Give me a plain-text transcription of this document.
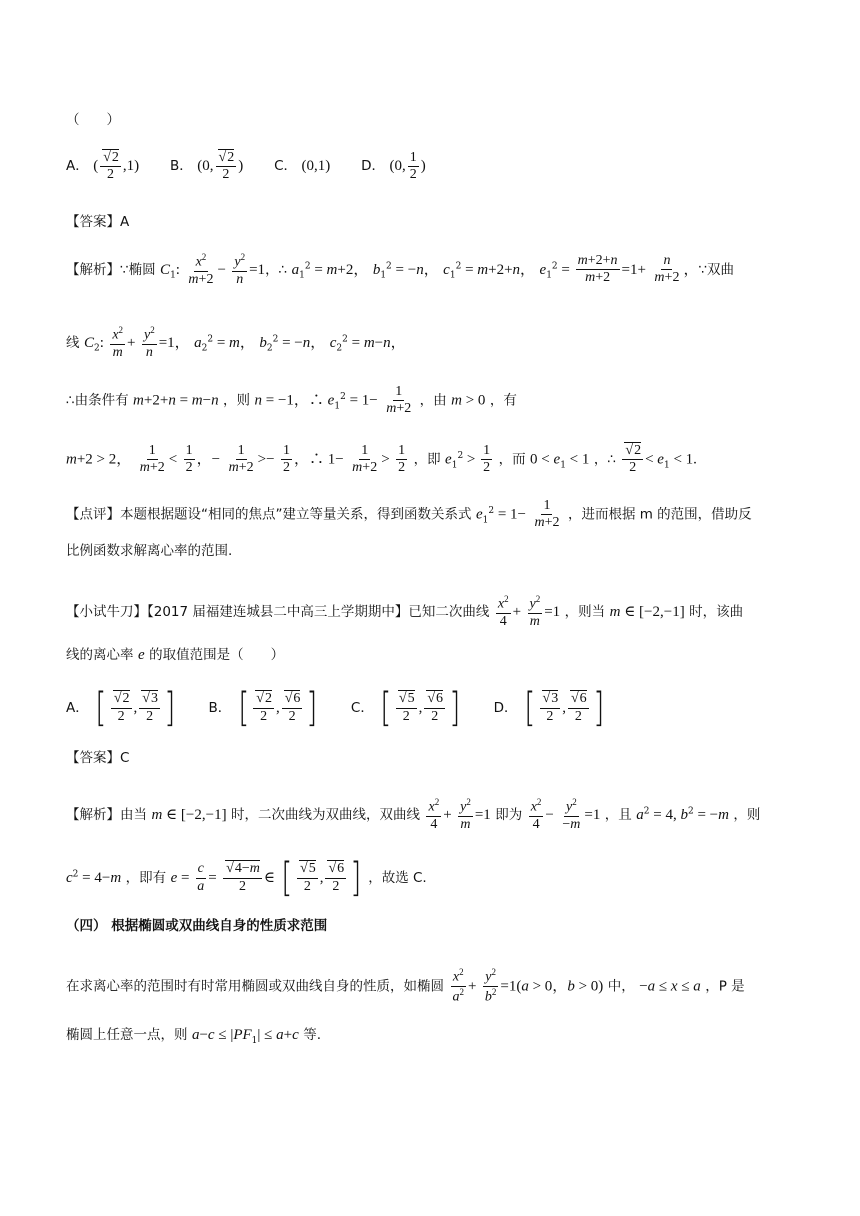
（　　）
A． ( √ $\frac{2}{2} ,1$) B． (0, √ $\frac{2}{2}$ ) C． (0,1) D． (0, $\frac{1}{2}$ )
【答案】A
【解析】∵椭圆 $C_1$: $\frac{x^2}{m+2} - \frac{y^2}{n} =1$，∴ $a_1^2 = m+2$， $b_1^2 = -n$， $c_1^2 = m+2+n$， $e_1^2 = \frac{m+2+n}{m+2} =1+ \frac{n}{m+2}$ ，∵双曲
线 $C_2$: $\frac{x^2}{m} + \frac{y^2}{n} =1$， $a_2^2 = m$， $b_2^2 = -n$， $c_2^2 = m-n$，
∴由条件有 m+2+n = m−n ，则 n = −1，∴ $e_1^2 = 1- \frac{1}{m+2}$ ，由 m > 0 ，有
m+2 > 2， $\frac{1}{m+2} < \frac{1}{2}$ ，− $\frac{1}{m+2} >- \frac{1}{2}$ ，∴ $1- \frac{1}{m+2} > \frac{1}{2}$ ，即 $e_1^2 > \frac{1}{2}$ ，而 $0 < e_1 < 1$ ，∴ √ $\frac{2}{2} < e_1 < 1$.
【点评】本题根据题设“相同的焦点”建立等量关系，得到函数关系式 $e_1^2 = 1- \frac{1}{m+2}$ ，进而根据 m 的范围，借助反
比例函数求解离心率的范围.
【小试牛刀】【2017 届福建连城县二中高三上学期期中】已知二次曲线 $\frac{x^2}{4} + \frac{y^2}{m} =1$ ，则当 m ∈ [−2,−1] 时，该曲
线的离心率 e 的取值范围是（　　）
A． [ √ $\frac{2}{2}$ , √ $\frac{3}{2}$ ] B． [ √ $\frac{2}{2}$ , √ $\frac{6}{2}$ ] C． [ √ $\frac{5}{2}$ , √ $\frac{6}{2}$ ] D． [ √ $\frac{3}{2}$ , √ $\frac{6}{2}$ ]
【答案】C
【解析】由当 m ∈ [−2,−1] 时，二次曲线为双曲线，双曲线 $\frac{x^2}{4} + \frac{y^2}{m} =1$ 即为 $\frac{x^2}{4} - \frac{y^2}{-m} =1$ ，且 $a^2 = 4$, $b^2 = -m$ ，则
$c^2 = 4-m$ ，即有 $e = \frac{c}{a}$ = √ $\frac{4-m}{2}$ ∈ [ √ $\frac{5}{2}$ , √ $\frac{6}{2}$ ] ，故选 C.
（四） 根据椭圆或双曲线自身的性质求范围
在求离心率的范围时有时常用椭圆或双曲线自身的性质，如椭圆 $\frac{x^2}{a^2} + \frac{y^2}{b^2} =1(a > 0$，b > 0) 中， −a ≤ x ≤ a ，P 是
椭圆上任意一点，则 $a-c \le |PF_1| \le a+c$ 等.
